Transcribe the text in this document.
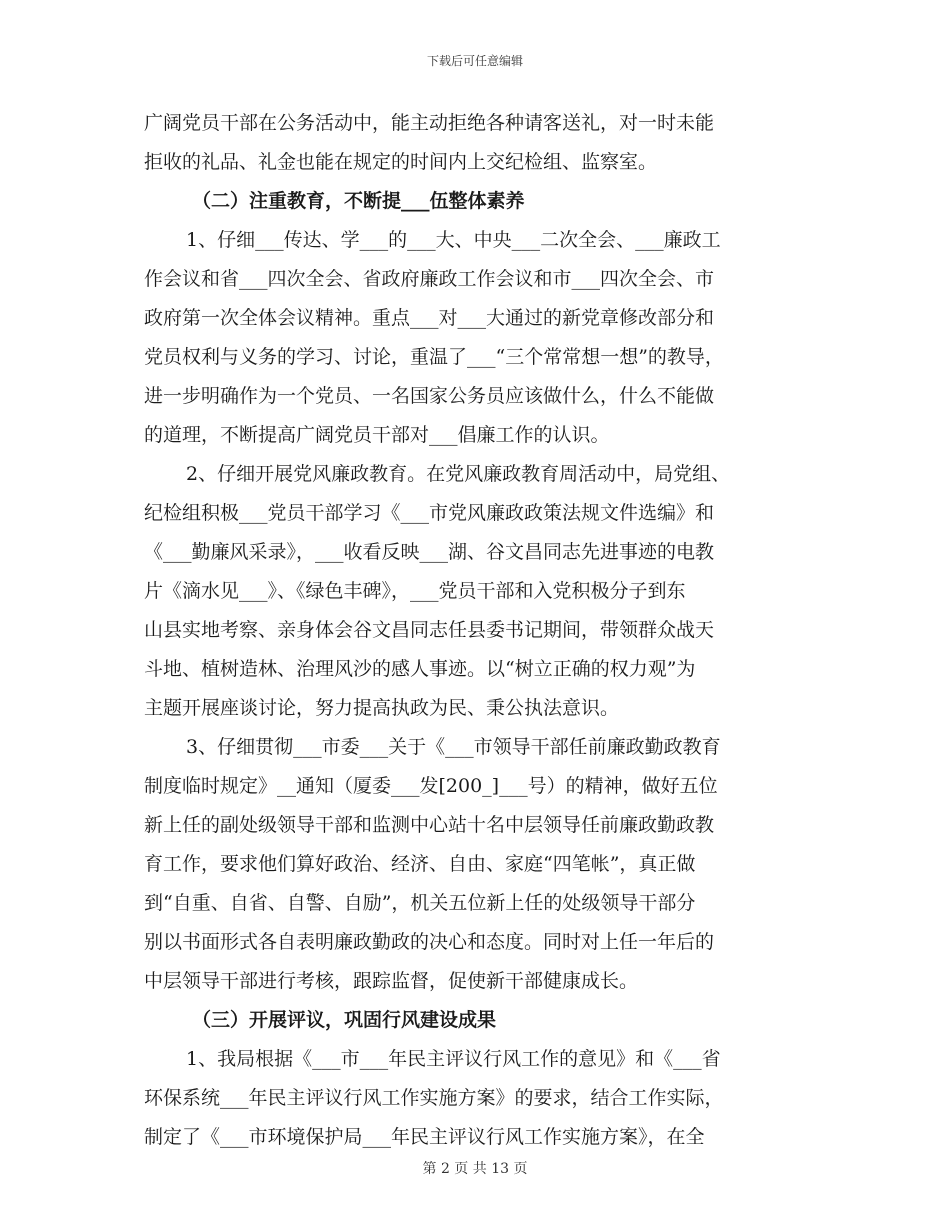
下载后可任意编辑
广阔党员干部在公务活动中，能主动拒绝各种请客送礼，对一时未能
拒收的礼品、礼金也能在规定的时间内上交纪检组、监察室。
（二）注重教育，不断提___伍整体素养
1、仔细___传达、学___的___大、中央___二次全会、___廉政工
作会议和省___四次全会、省政府廉政工作会议和市___四次全会、市
政府第一次全体会议精神。重点___对___大通过的新党章修改部分和
党员权利与义务的学习、讨论，重温了___“三个常常想一想”的教导，
进一步明确作为一个党员、一名国家公务员应该做什么，什么不能做
的道理，不断提高广阔党员干部对___倡廉工作的认识。
2、仔细开展党风廉政教育。在党风廉政教育周活动中，局党组、
纪检组积极___党员干部学习《___市党风廉政政策法规文件选编》和
《___勤廉风采录》，___收看反映___湖、谷文昌同志先进事迹的电教
片《滴水见___》、《绿色丰碑》，___党员干部和入党积极分子到东
山县实地考察、亲身体会谷文昌同志任县委书记期间，带领群众战天
斗地、植树造林、治理风沙的感人事迹。以“树立正确的权力观”为
主题开展座谈讨论，努力提高执政为民、秉公执法意识。
3、仔细贯彻___市委___关于《___市领导干部任前廉政勤政教育
制度临时规定》__通知（厦委___发[200_]___号）的精神，做好五位
新上任的副处级领导干部和监测中心站十名中层领导任前廉政勤政教
育工作，要求他们算好政治、经济、自由、家庭“四笔帐”，真正做
到“自重、自省、自警、自励”，机关五位新上任的处级领导干部分
别以书面形式各自表明廉政勤政的决心和态度。同时对上任一年后的
中层领导干部进行考核，跟踪监督，促使新干部健康成长。
（三）开展评议，巩固行风建设成果
1、我局根据《___市___年民主评议行风工作的意见》和《___省
环保系统___年民主评议行风工作实施方案》的要求，结合工作实际，
制定了《___市环境保护局___年民主评议行风工作实施方案》，在全
第 2 页 共 13 页
